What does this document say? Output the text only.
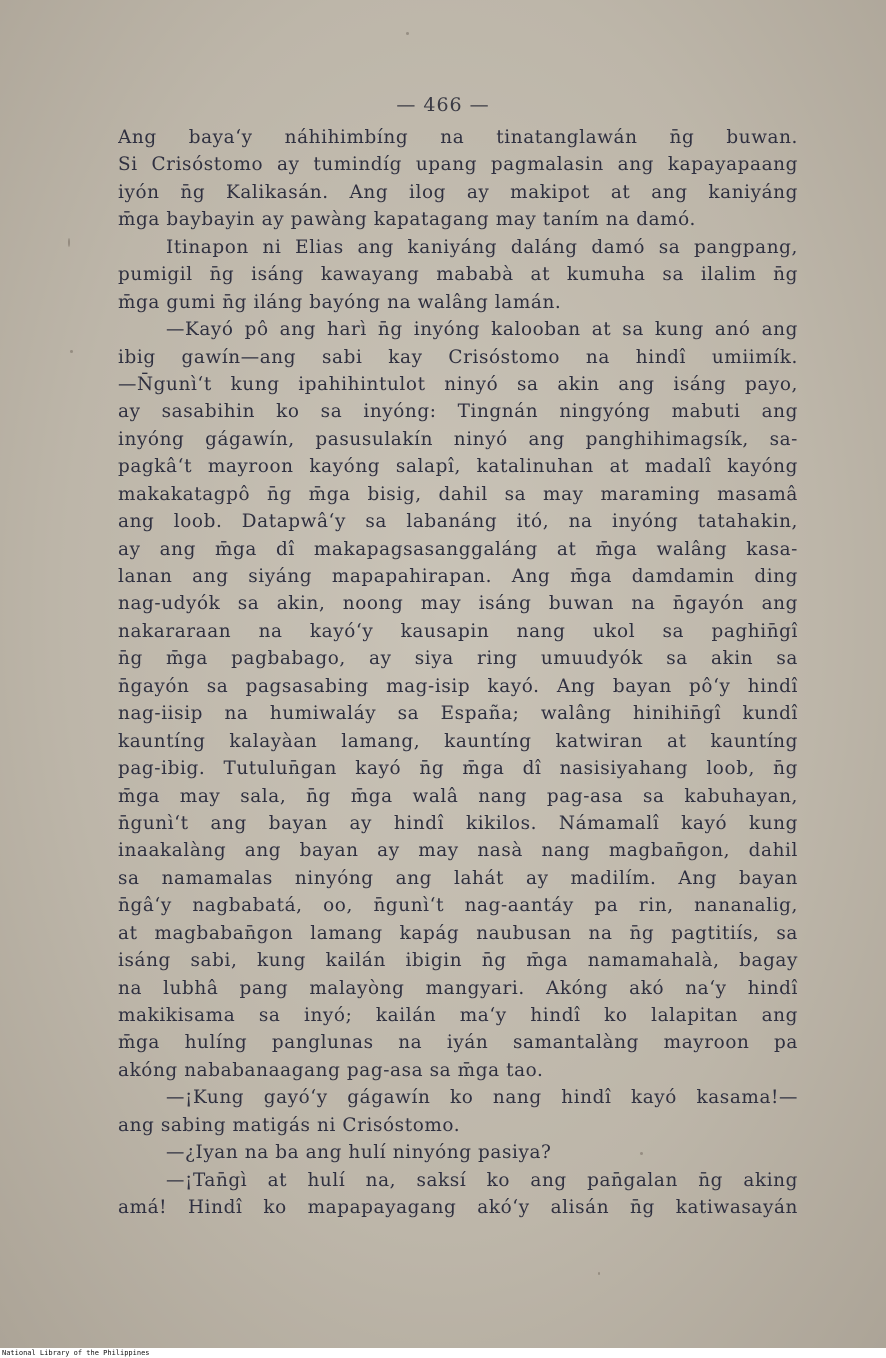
— 466 —
Ang baya‘y náhihimbíng na tinatanglawán n̄g buwan.
Si Crisóstomo ay tumindíg upang pagmalasin ang kapayapaang
iyón n̄g Kalikasán. Ang ilog ay makipot at ang kaniyáng
m̄ga baybayin ay pawàng kapatagang may taním na damó.
Itinapon ni Elias ang kaniyáng daláng damó sa pangpang,
pumigil n̄g isáng kawayang mababà at kumuha sa ilalim n̄g
m̄ga gumi n̄g iláng bayóng na walâng lamán.
—Kayó pô ang harì n̄g inyóng kalooban at sa kung anó ang
ibig gawín—ang sabi kay Crisóstomo na hindî umiimík.
—N̄gunì‘t kung ipahihintulot ninyó sa akin ang isáng payo,
ay sasabihin ko sa inyóng: Tingnán ningyóng mabuti ang
inyóng gágawín, pasusulakín ninyó ang panghihimagsík, sa-
pagkâ‘t mayroon kayóng salapî, katalinuhan at madalî kayóng
makakatagpô n̄g m̄ga bisig, dahil sa may maraming masamâ
ang loob. Datapwâ‘y sa labanáng itó, na inyóng tatahakin,
ay ang m̄ga dî makapagsasanggaláng at m̄ga walâng kasa-
lanan ang siyáng mapapahirapan. Ang m̄ga damdamin ding
nag-udyók sa akin, noong may isáng buwan na n̄gayón ang
nakararaan na kayó‘y kausapin nang ukol sa paghin̄gî
n̄g m̄ga pagbabago, ay siya ring umuudyók sa akin sa
n̄gayón sa pagsasabing mag-isip kayó. Ang bayan pô‘y hindî
nag-iisip na humiwaláy sa España; walâng hinihin̄gî kundî
kauntíng kalayàan lamang, kauntíng katwiran at kauntíng
pag-ibig. Tutulun̄gan kayó n̄g m̄ga dî nasisiyahang loob, n̄g
m̄ga may sala, n̄g m̄ga walâ nang pag-asa sa kabuhayan,
n̄gunì‘t ang bayan ay hindî kikilos. Námamalî kayó kung
inaakalàng ang bayan ay may nasà nang magban̄gon, dahil
sa namamalas ninyóng ang lahát ay madilím. Ang bayan
n̄gâ‘y nagbabatá, oo, n̄gunì‘t nag-aantáy pa rin, nananalig,
at magbaban̄gon lamang kapág naubusan na n̄g pagtitiís, sa
isáng sabi, kung kailán ibigin n̄g m̄ga namamahalà, bagay
na lubhâ pang malayòng mangyari. Akóng akó na‘y hindî
makikisama sa inyó; kailán ma‘y hindî ko lalapitan ang
m̄ga hulíng panglunas na iyán samantalàng mayroon pa
akóng nababanaagang pag-asa sa m̄ga tao.
—¡Kung gayó‘y gágawín ko nang hindî kayó kasama!—
ang sabing matigás ni Crisóstomo.
—¿Iyan na ba ang hulí ninyóng pasiya?
—¡Tan̄gì at hulí na, saksí ko ang pan̄galan n̄g aking
amá! Hindî ko mapapayagang akó‘y alisán n̄g katiwasayán
National Library of the Philippines
